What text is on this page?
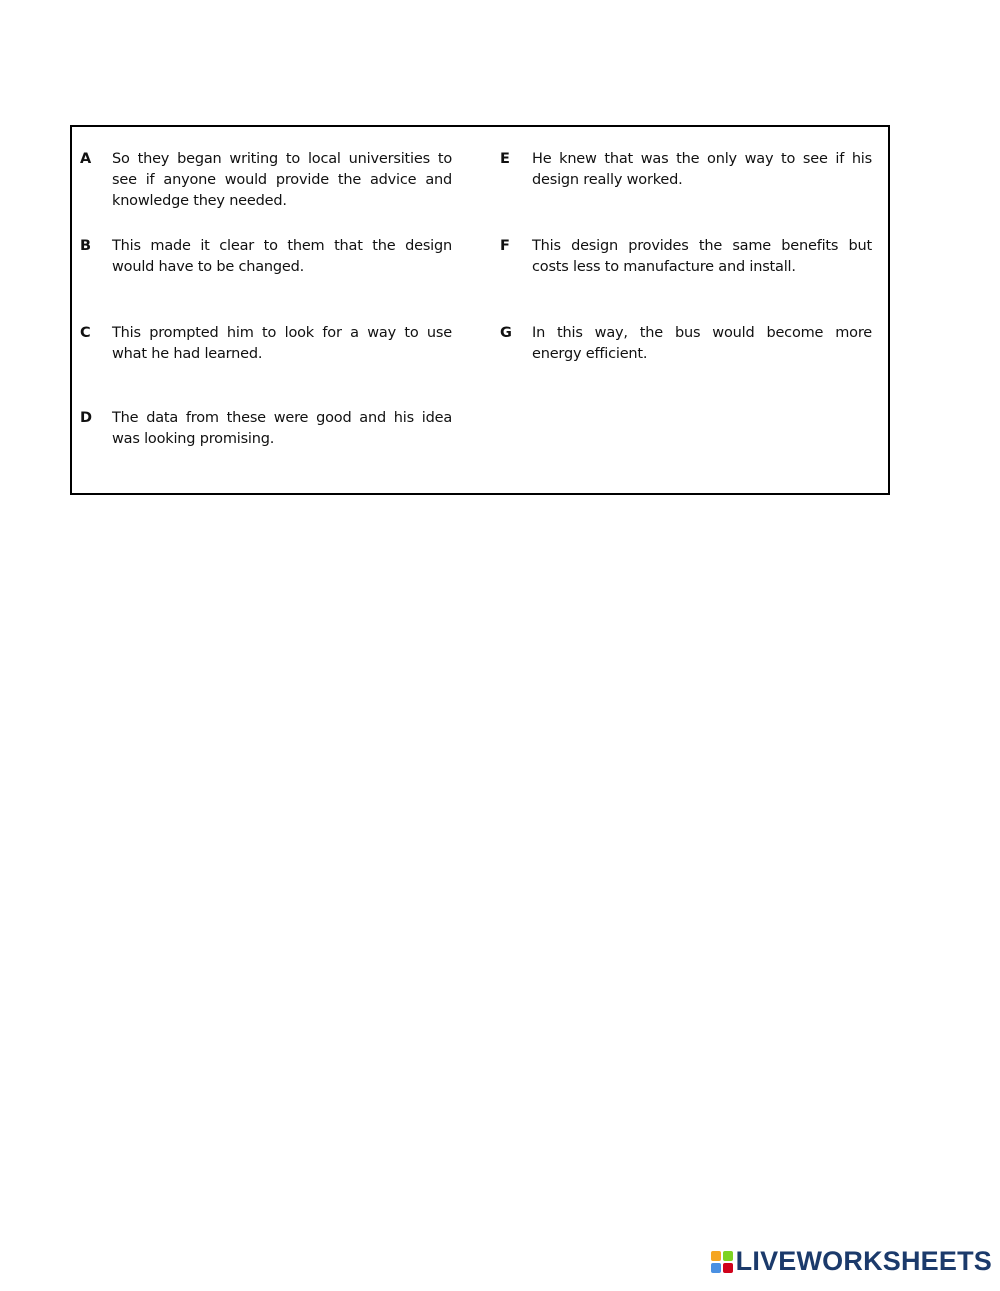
A	So they began writing to local universities to see if anyone would provide the advice and knowledge they needed.
B	This made it clear to them that the design would have to be changed.
C	This prompted him to look for a way to use what he had learned.
D	The data from these were good and his idea was looking promising.
E	He knew that was the only way to see if his design really worked.
F	This design provides the same benefits but costs less to manufacture and install.
G	In this way, the bus would become more energy efficient.
LIVEWORKSHEETS
